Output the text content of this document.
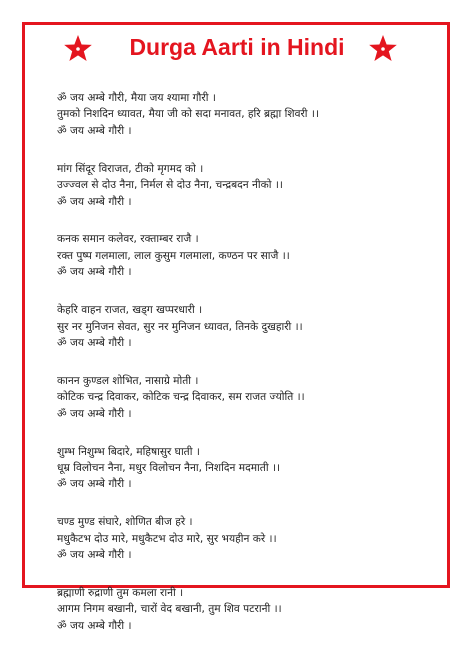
Durga Aarti in Hindi
ॐ जय अम्बे गौरी, मैया जय श्यामा गौरी ।
तुमको निशदिन ध्यावत, मैया जी को सदा मनावत, हरि ब्रह्मा शिवरी ।।
ॐ जय अम्बे गौरी ।
मांग सिंदूर विराजत, टीको मृगमद को ।
उज्ज्वल से दोउ नैना, निर्मल से दोउ नैना, चन्द्रबदन नीको ।।
ॐ जय अम्बे गौरी ।
कनक समान कलेवर, रक्ताम्बर राजै ।
रक्त पुष्प गलमाला, लाल कुसुम गलमाला, कण्ठन पर साजै ।।
ॐ जय अम्बे गौरी ।
केहरि वाहन राजत, खड्ग खप्परधारी ।
सुर नर मुनिजन सेवत, सुर नर मुनिजन ध्यावत, तिनके दुखहारी ।।
ॐ जय अम्बे गौरी ।
कानन कुण्डल शोभित, नासाग्रे मोती ।
कोटिक चन्द्र दिवाकर, कोटिक चन्द्र दिवाकर, सम राजत ज्योति ।।
ॐ जय अम्बे गौरी ।
शुम्भ निशुम्भ बिदारे, महिषासुर घाती ।
धूम्र विलोचन नैना, मधुर विलोचन नैना, निशदिन मदमाती ।।
ॐ जय अम्बे गौरी ।
चण्ड मुण्ड संघारे, शोणित बीज हरे ।
मधुकैटभ दोउ मारे, मधुकैटभ दोउ मारे, सुर भयहीन करे ।।
ॐ जय अम्बे गौरी ।
ब्रह्माणी रुद्राणी तुम कमला रानी ।
आगम निगम बखानी, चारों वेद बखानी, तुम शिव पटरानी ।।
ॐ जय अम्बे गौरी ।
